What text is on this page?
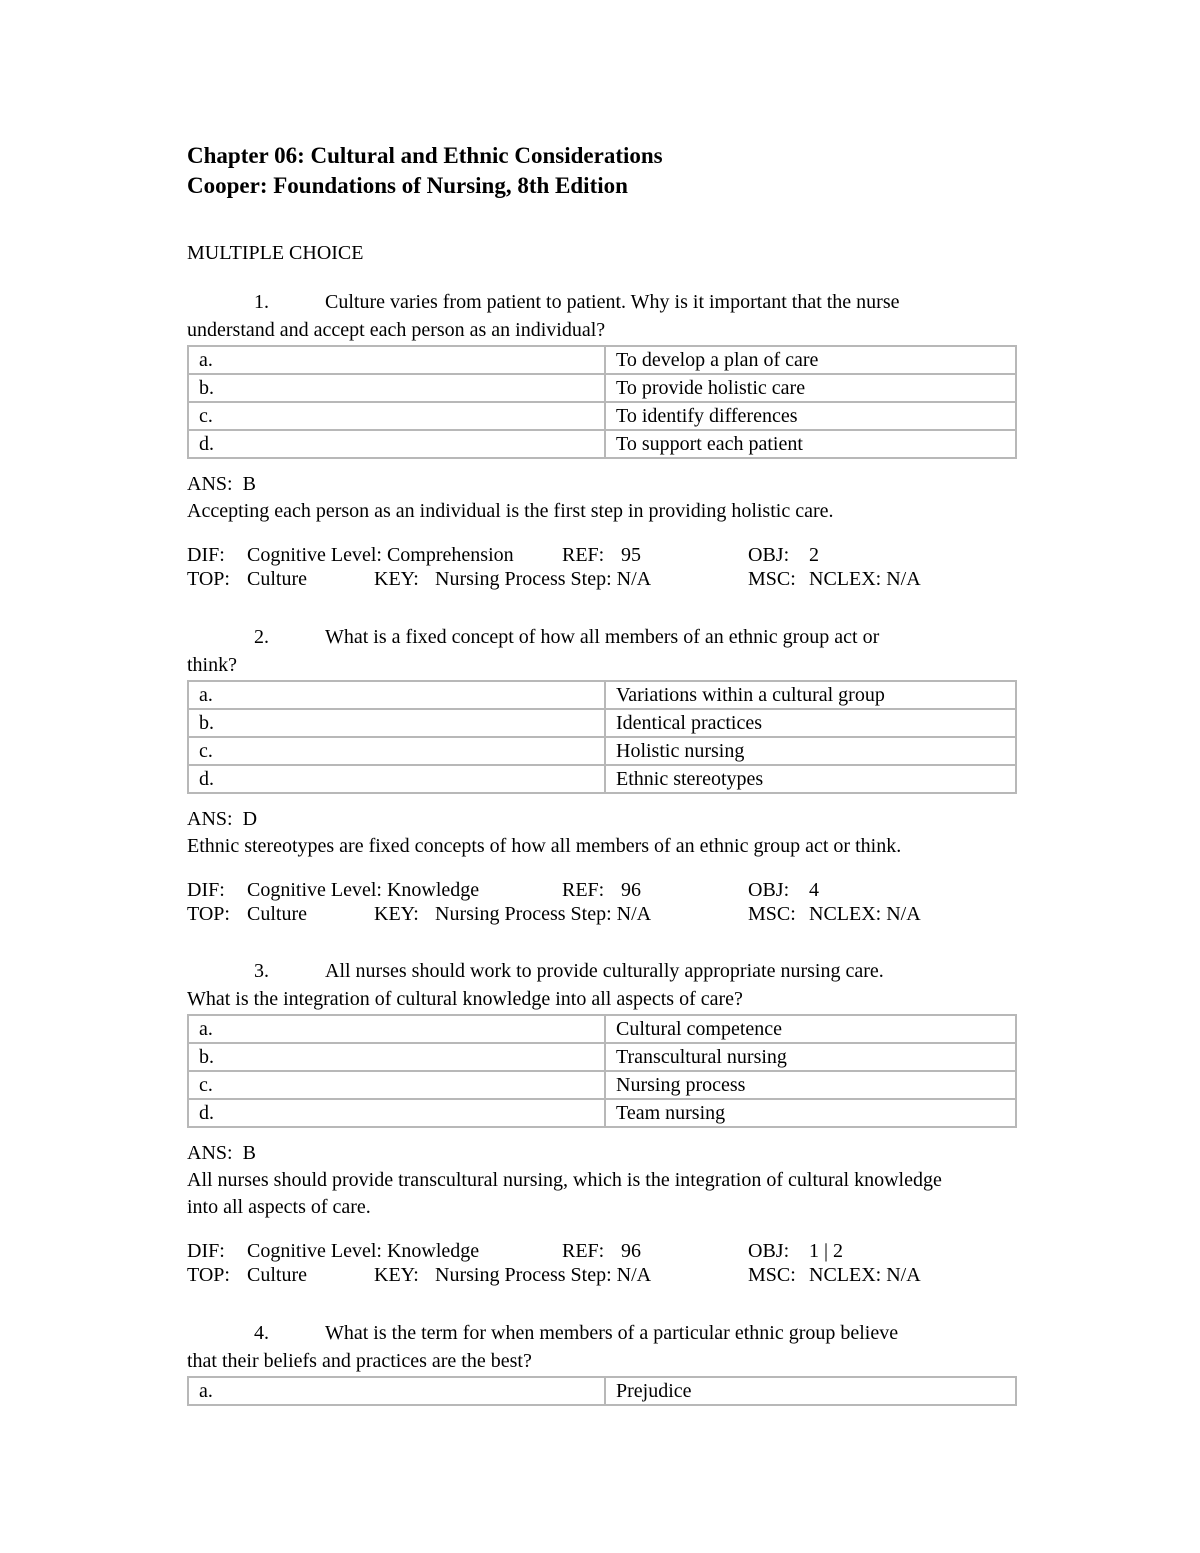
Chapter 06: Cultural and Ethnic Considerations
Cooper: Foundations of Nursing, 8th Edition
MULTIPLE CHOICE
1.	Culture varies from patient to patient. Why is it important that the nurse
understand and accept each person as an individual?
a.	To develop a plan of care
b.	To provide holistic care
c.	To identify differences
d.	To support each patient
ANS: B
Accepting each person as an individual is the first step in providing holistic care.
DIF: Cognitive Level: Comprehension REF: 95	OBJ: 2
TOP: Culture	KEY: Nursing Process Step: N/A	MSC: NCLEX: N/A
2.	What is a fixed concept of how all members of an ethnic group act or
think?
a.	Variations within a cultural group
b.	Identical practices
c.	Holistic nursing
d.	Ethnic stereotypes
ANS: D
Ethnic stereotypes are fixed concepts of how all members of an ethnic group act or think.
DIF: Cognitive Level: Knowledge	REF: 96	OBJ: 4
TOP: Culture	KEY: Nursing Process Step: N/A	MSC: NCLEX: N/A
3.	All nurses should work to provide culturally appropriate nursing care.
What is the integration of cultural knowledge into all aspects of care?
a.	Cultural competence
b.	Transcultural nursing
c.	Nursing process
d.	Team nursing
ANS: B
All nurses should provide transcultural nursing, which is the integration of cultural knowledge into all aspects of care.
DIF: Cognitive Level: Knowledge	REF: 96	OBJ: 1 | 2
TOP: Culture	KEY: Nursing Process Step: N/A	MSC: NCLEX: N/A
4.	What is the term for when members of a particular ethnic group believe
that their beliefs and practices are the best?
a.	Prejudice
